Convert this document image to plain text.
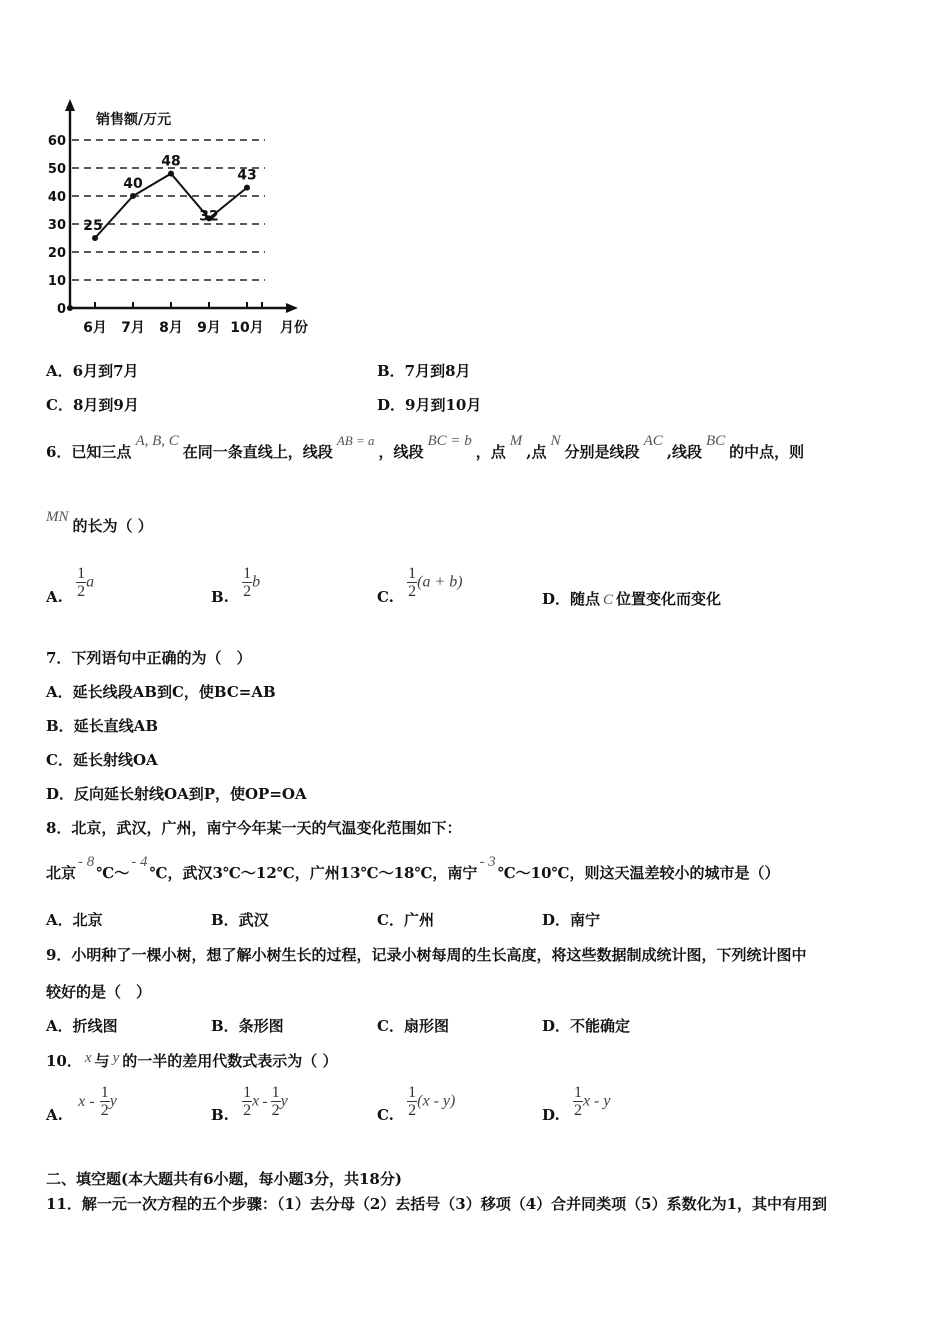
0
10
20
30
40
50
60
销售额/万元
6月 7月 8月 9月 10月 月份
25
40
48
32
43
A．6月到7月	B．7月到8月
C．8月到9月	D．9月到10月
6．已知三点A, B, C在同一条直线上，线段AB = a，线段BC = b，点M,点N分别是线段AC,线段BC的中点，则
MN 的长为（ ）
A. $\frac{1}{2}$ a
B. $\frac{1}{2}$ b
C. $\frac{1}{2} (a + b)$
D．随点 C 位置变化而变化
7．下列语句中正确的为（　）
A．延长线段AB到C，使BC=AB
B．延长直线AB
C．延长射线OA
D．反向延长射线OA到P，使OP=OA
8．北京，武汉，广州，南宁今年某一天的气温变化范围如下：
北京- 8℃～- 4℃，武汉3℃～12℃，广州13℃～18℃，南宁- 3℃～10℃，则这天温差较小的城市是（）
A．北京	B．武汉	C．广州	D．南宁
9．小明种了一棵小树，想了解小树生长的过程，记录小树每周的生长高度，将这些数据制成统计图，下列统计图中
较好的是（　）
A．折线图	B．条形图	C．扇形图	D．不能确定
10． x 与 y 的一半的差用代数式表示为（ ）
A. x - $\frac{1}{2}$ y
B. $\frac{1}{2}$ x - $\frac{1}{2}$ y
C. $\frac{1}{2} (x - y)$
D. $\frac{1}{2}$ x - y
二、填空题(本大题共有6小题，每小题3分，共18分)
11．解一元一次方程的五个步骤：（1）去分母（2）去括号（3）移项（4）合并同类项（5）系数化为1，其中有用到
